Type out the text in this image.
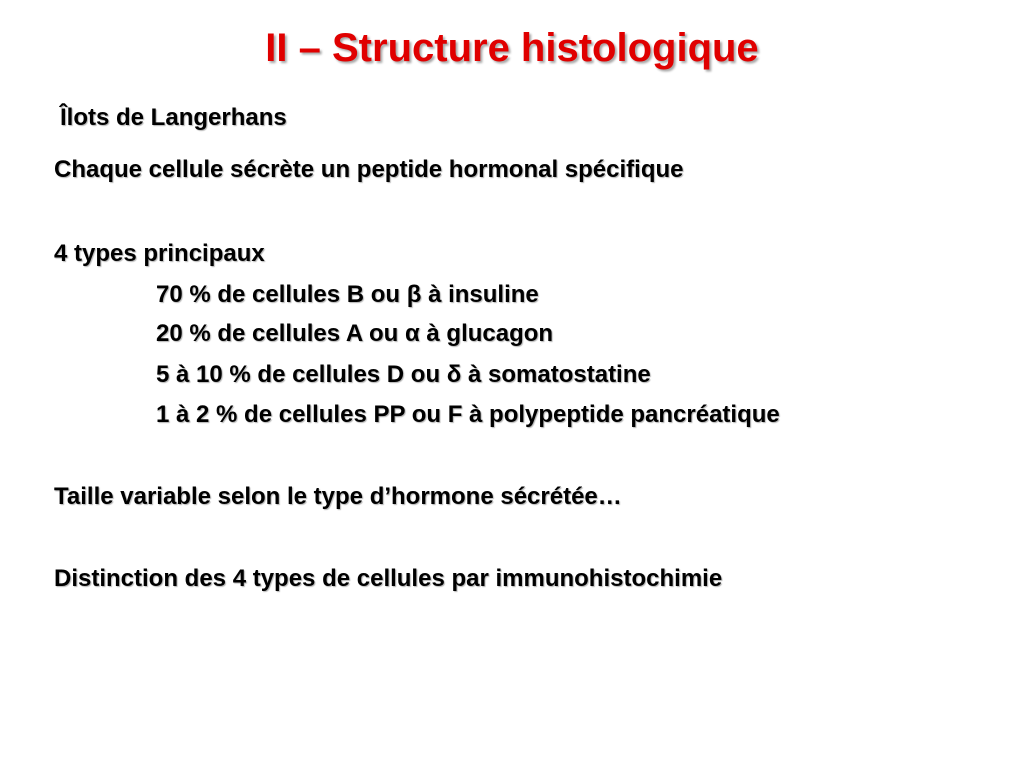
II – Structure histologique
Îlots de Langerhans
Chaque cellule sécrète un peptide hormonal spécifique
4 types principaux
70 % de cellules B ou β à insuline
20 % de cellules A ou α à glucagon
5 à 10 % de cellules D ou δ à somatostatine
1 à 2 % de cellules PP ou F à polypeptide pancréatique
Taille variable selon le type d’hormone sécrétée…
Distinction des 4 types de cellules par immunohistochimie
